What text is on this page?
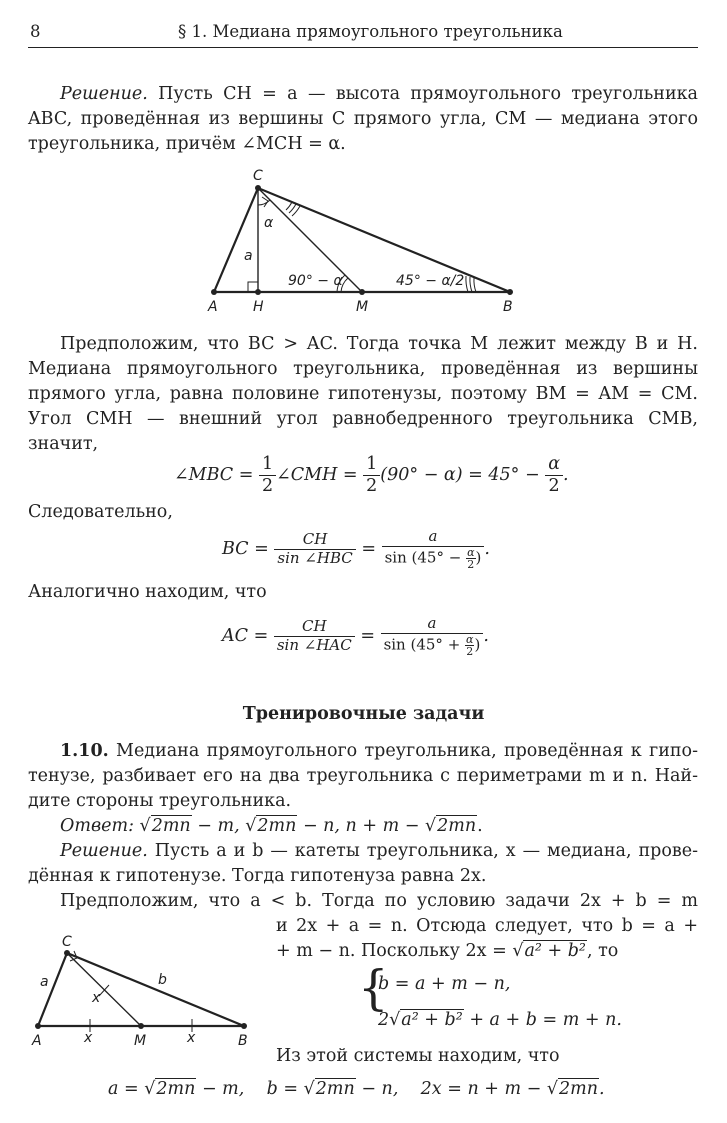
8	§ 1. Медиана прямоугольного треугольника
Решение. Пусть CH = a — высота прямоугольного треугольника
ABC, проведённая из вершины C прямого угла, CM — медиана этого
треугольника, причём ∠MCH = α.
C
A	H	M	B
a
α
90° − α	45° − α/2
Предположим, что BC > AC. Тогда точка M лежит между B и H.
Медиана прямоугольного треугольника, проведённая из вершины
прямого угла, равна половине гипотенузы, поэтому BM = AM = CM.
Угол CMH — внешний угол равнобедренного треугольника CMB,
значит,
∠MBC =
$\frac{1}{2}$ ∠CMH =
$\frac{1}{2} (90^\circ - \alpha) = 45^\circ$ −
$\frac{\alpha}{2}$ .
Следовательно,
BC =
$\frac{CH}{\text{sin ∠HBC}}$
=
$\frac{a}{\sin (45^\circ - \frac{\alpha}{2} )}$ .
Аналогично находим, что
AC =
$\frac{CH}{\text{sin ∠HAC}}$
=
$\frac{a}{\sin (45^\circ + \frac{\alpha}{2} )}$ .
Тренировочные задачи
1.10. Медиана прямоугольного треугольника, проведённая к гипо-
тенузе, разбивает его на два треугольника с периметрами m и n. Най-
дите стороны треугольника.
Ответ: √2mn − m, √2mn − n, n + m − √2mn.
Решение. Пусть a и b — катеты треугольника, x — медиана, прове-
дённая к гипотенузе. Тогда гипотенуза равна 2x.
Предположим, что a < b. Тогда по условию задачи 2x + b = m
и 2x + a = n. Отсюда следует, что b = a +
+ m − n. Поскольку 2x = √a² + b², то
{
b = a + m − n,
2√a² + b² + a + b = m + n.
Из этой системы находим, что
a = √2mn − m, b = √2mn − n, 2x = n + m − √2mn.
C
A	M	B
a	b
x
x	x
